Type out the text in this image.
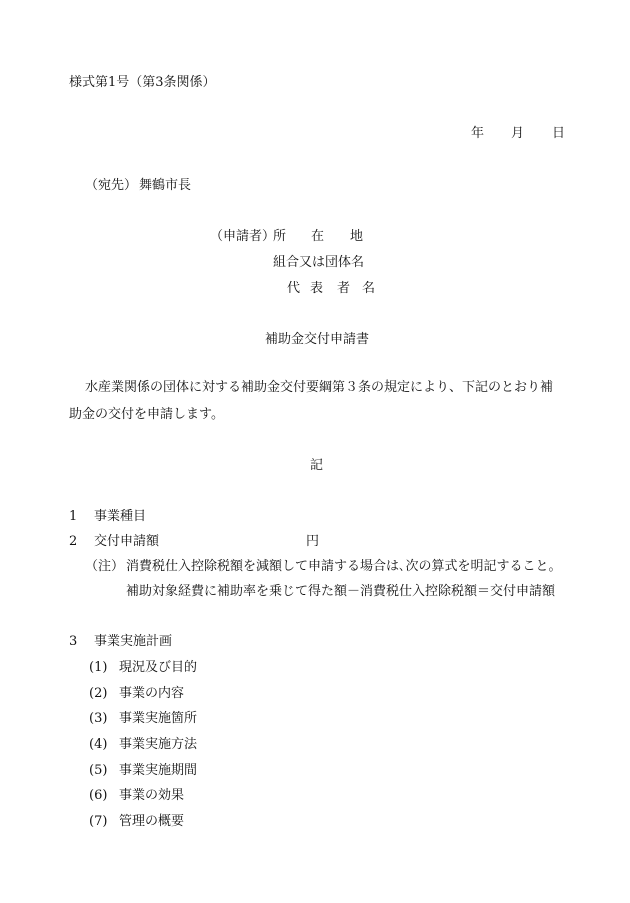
様式第1号（第3条関係）
年 月 日
（宛先） 舞鶴市長
（申請者）
所 在 地
組合又は団体名
代 表 者 名
補助金交付申請書
水産業関係の団体に対する補助金交付要綱第３条の規定により、下記のとおり補
助金の交付を申請します。
記
1 事業種目
2 交付申請額	円
（注） 消費税仕入控除税額を減額して申請する場合は､次の算式を明記すること｡
補助対象経費に補助率を乗じて得た額－消費税仕入控除税額＝交付申請額
3 事業実施計画
(1) 現況及び目的
(2) 事業の内容
(3) 事業実施箇所
(4) 事業実施方法
(5) 事業実施期間
(6) 事業の効果
(7) 管理の概要
